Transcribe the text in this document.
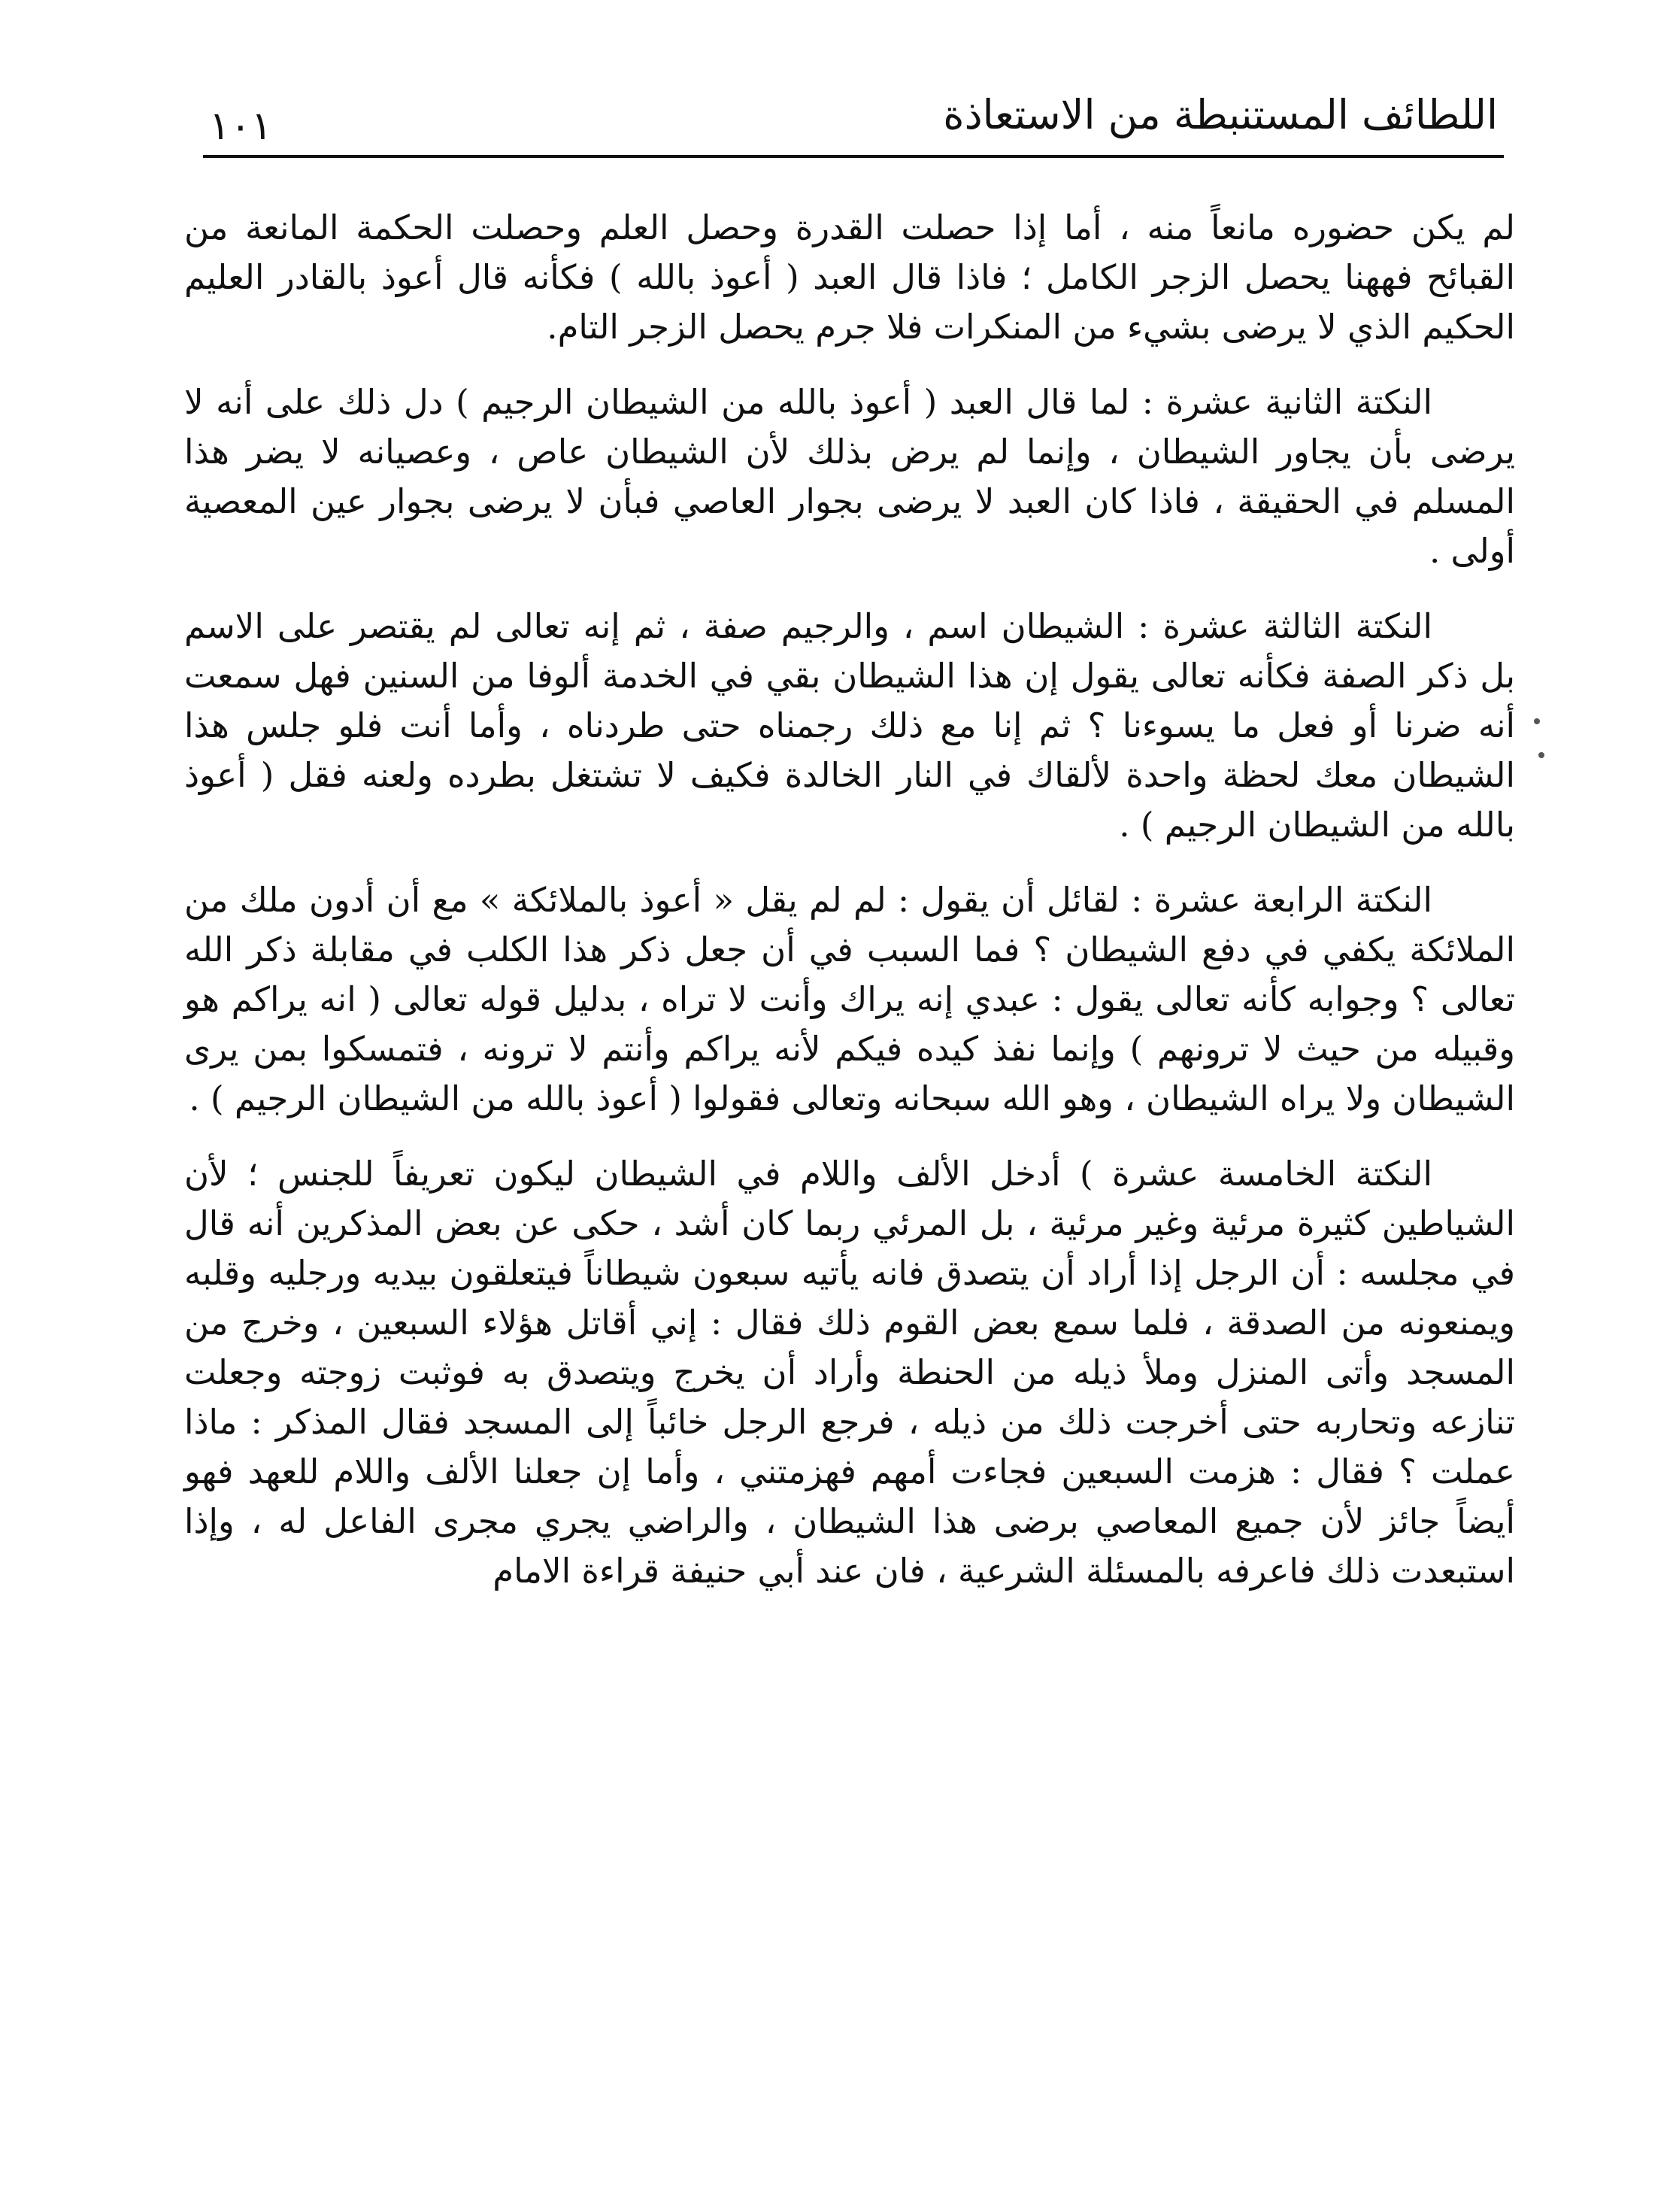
١٠١	اللطائف المستنبطة من الاستعاذة

لم يكن حضوره مانعاً منه ، أما إذا حصلت القدرة وحصل العلم وحصلت الحكمة المانعة من القبائح فههنا يحصل الزجر الكامل ؛ فاذا قال العبد ( أعوذ بالله ) فكأنه قال أعوذ بالقادر العليم الحكيم الذي لا يرضى بشيء من المنكرات فلا جرم يحصل الزجر التام.

النكتة الثانية عشرة : لما قال العبد ( أعوذ بالله من الشيطان الرجيم ) دل ذلك على أنه لا يرضى بأن يجاور الشيطان ، وإنما لم يرض بذلك لأن الشيطان عاص ، وعصيانه لا يضر هذا المسلم في الحقيقة ، فاذا كان العبد لا يرضى بجوار العاصي فبأن لا يرضى بجوار عين المعصية أولى .

النكتة الثالثة عشرة : الشيطان اسم ، والرجيم صفة ، ثم إنه تعالى لم يقتصر على الاسم بل ذكر الصفة فكأنه تعالى يقول إن هذا الشيطان بقي في الخدمة ألوفا من السنين فهل سمعت أنه ضرنا أو فعل ما يسوءنا ؟ ثم إنا مع ذلك رجمناه حتى طردناه ، وأما أنت فلو جلس هذا الشيطان معك لحظة واحدة لألقاك في النار الخالدة فكيف لا تشتغل بطرده ولعنه فقل ( أعوذ بالله من الشيطان الرجيم ) .

النكتة الرابعة عشرة : لقائل أن يقول : لم لم يقل « أعوذ بالملائكة » مع أن أدون ملك من الملائكة يكفي في دفع الشيطان ؟ فما السبب في أن جعل ذكر هذا الكلب في مقابلة ذكر الله تعالى ؟ وجوابه كأنه تعالى يقول : عبدي إنه يراك وأنت لا تراه ، بدليل قوله تعالى ( انه يراكم هو وقبيله من حيث لا ترونهم ) وإنما نفذ كيده فيكم لأنه يراكم وأنتم لا ترونه ، فتمسكوا بمن يرى الشيطان ولا يراه الشيطان ، وهو الله سبحانه وتعالى فقولوا ( أعوذ بالله من الشيطان الرجيم ) .

النكتة الخامسة عشرة ) أدخل الألف واللام في الشيطان ليكون تعريفاً للجنس ؛ لأن الشياطين كثيرة مرئية وغير مرئية ، بل المرئي ربما كان أشد ، حكى عن بعض المذكرين أنه قال في مجلسه : أن الرجل إذا أراد أن يتصدق فانه يأتيه سبعون شيطاناً فيتعلقون بيديه ورجليه وقلبه ويمنعونه من الصدقة ، فلما سمع بعض القوم ذلك فقال : إني أقاتل هؤلاء السبعين ، وخرج من المسجد وأتى المنزل وملأ ذيله من الحنطة وأراد أن يخرج ويتصدق به فوثبت زوجته وجعلت تنازعه وتحاربه حتى أخرجت ذلك من ذيله ، فرجع الرجل خائباً إلى المسجد فقال المذكر : ماذا عملت ؟ فقال : هزمت السبعين فجاءت أمهم فهزمتني ، وأما إن جعلنا الألف واللام للعهد فهو أيضاً جائز لأن جميع المعاصي برضى هذا الشيطان ، والراضي يجري مجرى الفاعل له ، وإذا استبعدت ذلك فاعرفه بالمسئلة الشرعية ، فان عند أبي حنيفة قراءة الامام
